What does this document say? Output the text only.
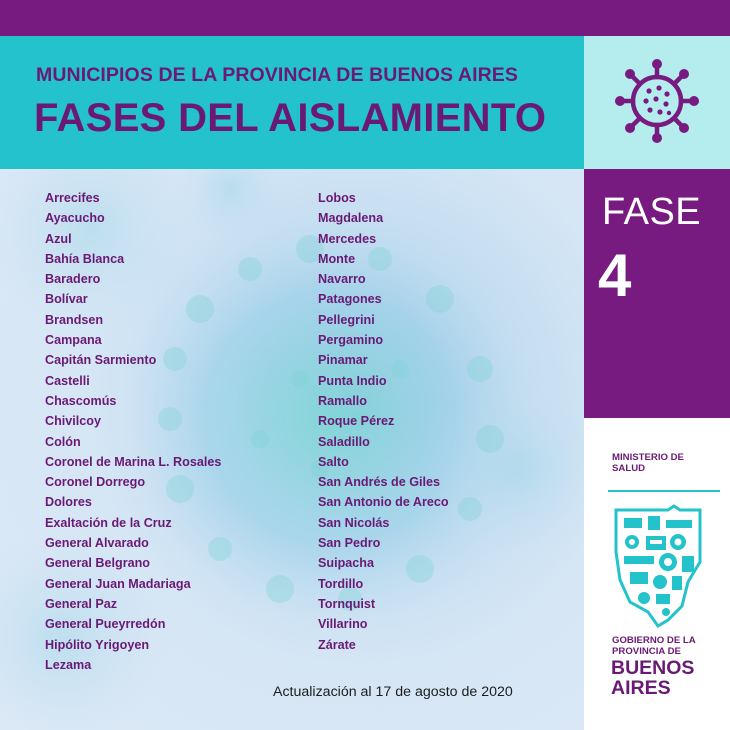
MUNICIPIOS DE LA PROVINCIA DE BUENOS AIRES
FASES DEL AISLAMIENTO
Arrecifes
Ayacucho
Azul
Bahía Blanca
Baradero
Bolívar
Brandsen
Campana
Capitán Sarmiento
Castelli
Chascomús
Chivilcoy
Colón
Coronel de Marina L. Rosales
Coronel Dorrego
Dolores
Exaltación de la Cruz
General Alvarado
General Belgrano
General Juan Madariaga
General Paz
General Pueyrredón
Hipólito Yrigoyen
Lezama
Lobos
Magdalena
Mercedes
Monte
Navarro
Patagones
Pellegrini
Pergamino
Pinamar
Punta Indio
Ramallo
Roque Pérez
Saladillo
Salto
San Andrés de Giles
San Antonio de Areco
San Nicolás
San Pedro
Suipacha
Tordillo
Tornquist
Villarino
Zárate
Actualización al 17 de agosto de 2020
FASE
4
MINISTERIO DE
SALUD
GOBIERNO DE LA
PROVINCIA DE
BUENOS
AIRES
